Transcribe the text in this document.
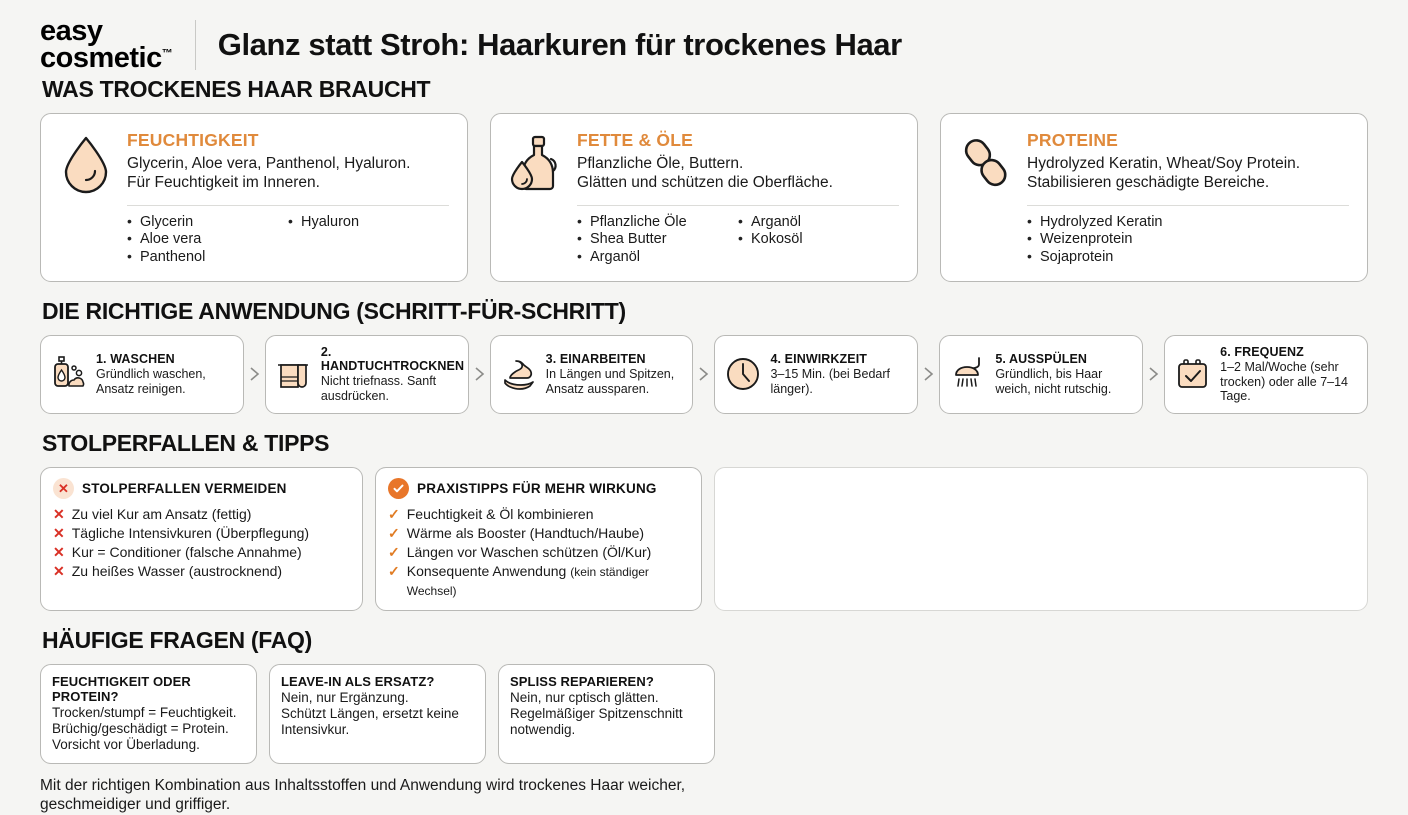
easy
cosmetic™ Glanz statt Stroh: Haarkuren für trockenes Haar
WAS TROCKENES HAAR BRAUCHT
FEUCHTIGKEIT
Glycerin, Aloe vera, Panthenol, Hyaluron.
Für Feuchtigkeit im Inneren.
• Glycerin
• Aloe vera
• Panthenol
• Hyaluron
FETTE & ÖLE
Pflanzliche Öle, Buttern.
Glätten und schützen die Oberfläche.
• Pflanzliche Öle
• Shea Butter
• Arganöl
• Arganöl
• Kokosöl
PROTEINE
Hydrolyzed Keratin, Wheat/Soy Protein.
Stabilisieren geschädigte Bereiche.
• Hydrolyzed Keratin
• Weizenprotein
• Sojaprotein
DIE RICHTIGE ANWENDUNG (SCHRITT-FÜR-SCHRITT)
1. WASCHEN
Gründlich waschen,
Ansatz reinigen.
2. HANDTUCHTROCKNEN
Nicht triefnass. Sanft
ausdrücken.
3. EINARBEITEN
In Längen und Spitzen,
Ansatz aussparen.
4. EINWIRKZEIT
3–15 Min. (bei Bedarf
länger).
5. AUSSPÜLEN
Gründlich, bis Haar
weich, nicht rutschig.
6. FREQUENZ
1–2 Mal/Woche (sehr
trocken) oder alle 7–14 Tage.
STOLPERFALLEN & TIPPS
✕ STOLPERFALLEN VERMEIDEN
✕ Zu viel Kur am Ansatz (fettig)
✕ Tägliche Intensivkuren (Überpflegung)
✕ Kur = Conditioner (falsche Annahme)
✕ Zu heißes Wasser (austrocknend)
PRAXISTIPPS FÜR MEHR WIRKUNG
✓ Feuchtigkeit & Öl kombinieren
✓ Wärme als Booster (Handtuch/Haube)
✓ Längen vor Waschen schützen (Öl/Kur)
✓ Konsequente Anwendung (kein ständiger Wechsel)
HÄUFIGE FRAGEN (FAQ)
FEUCHTIGKEIT ODER PROTEIN?
Trocken/stumpf = Feuchtigkeit.
Brüchig/geschädigt = Protein.
Vorsicht vor Überladung.
LEAVE-IN ALS ERSATZ?
Nein, nur Ergänzung.
Schützt Längen, ersetzt keine
Intensivkur.
SPLISS REPARIEREN?
Nein, nur cptisch glätten.
Regelmäßiger Spitzenschnitt
notwendig.
Mit der richtigen Kombination aus Inhaltsstoffen und Anwendung wird trockenes Haar weicher,
geschmeidiger und griffiger.
